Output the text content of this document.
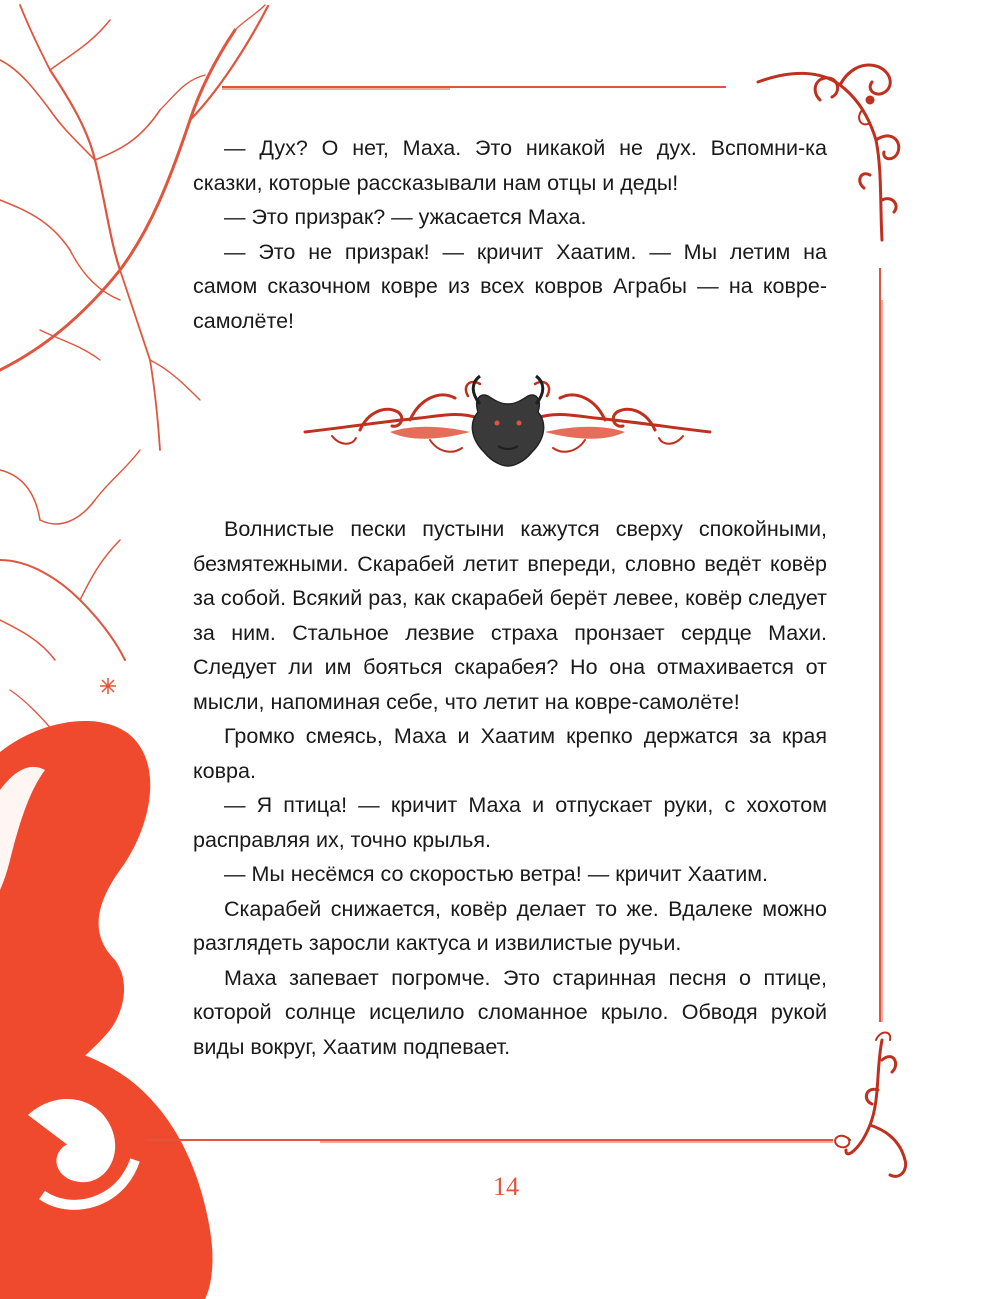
— Дух? О нет, Маха. Это никакой не дух. Вспомни-ка сказки, которые рассказывали нам отцы и деды!

— Это призрак? — ужасается Маха.

— Это не призрак! — кричит Хаатим. — Мы летим на самом сказочном ковре из всех ковров Аграбы — на ковре-самолёте!

Волнистые пески пустыни кажутся сверху спокойными, безмятежными. Скарабей летит впереди, словно ведёт ковёр за собой. Всякий раз, как скарабей берёт левее, ковёр следует за ним. Стальное лезвие страха пронзает сердце Махи. Следует ли им бояться скарабея? Но она отмахивается от мысли, напоминая себе, что летит на ковре-самолёте!

Громко смеясь, Маха и Хаатим крепко держатся за края ковра.

— Я птица! — кричит Маха и отпускает руки, с хохотом расправляя их, точно крылья.

— Мы несёмся со скоростью ветра! — кричит Хаатим.

Скарабей снижается, ковёр делает то же. Вдалеке можно разглядеть заросли кактуса и извилистые ручьи.

Маха запевает погромче. Это старинная песня о птице, которой солнце исцелило сломанное крыло. Обводя рукой виды вокруг, Хаатим подпевает.

14
